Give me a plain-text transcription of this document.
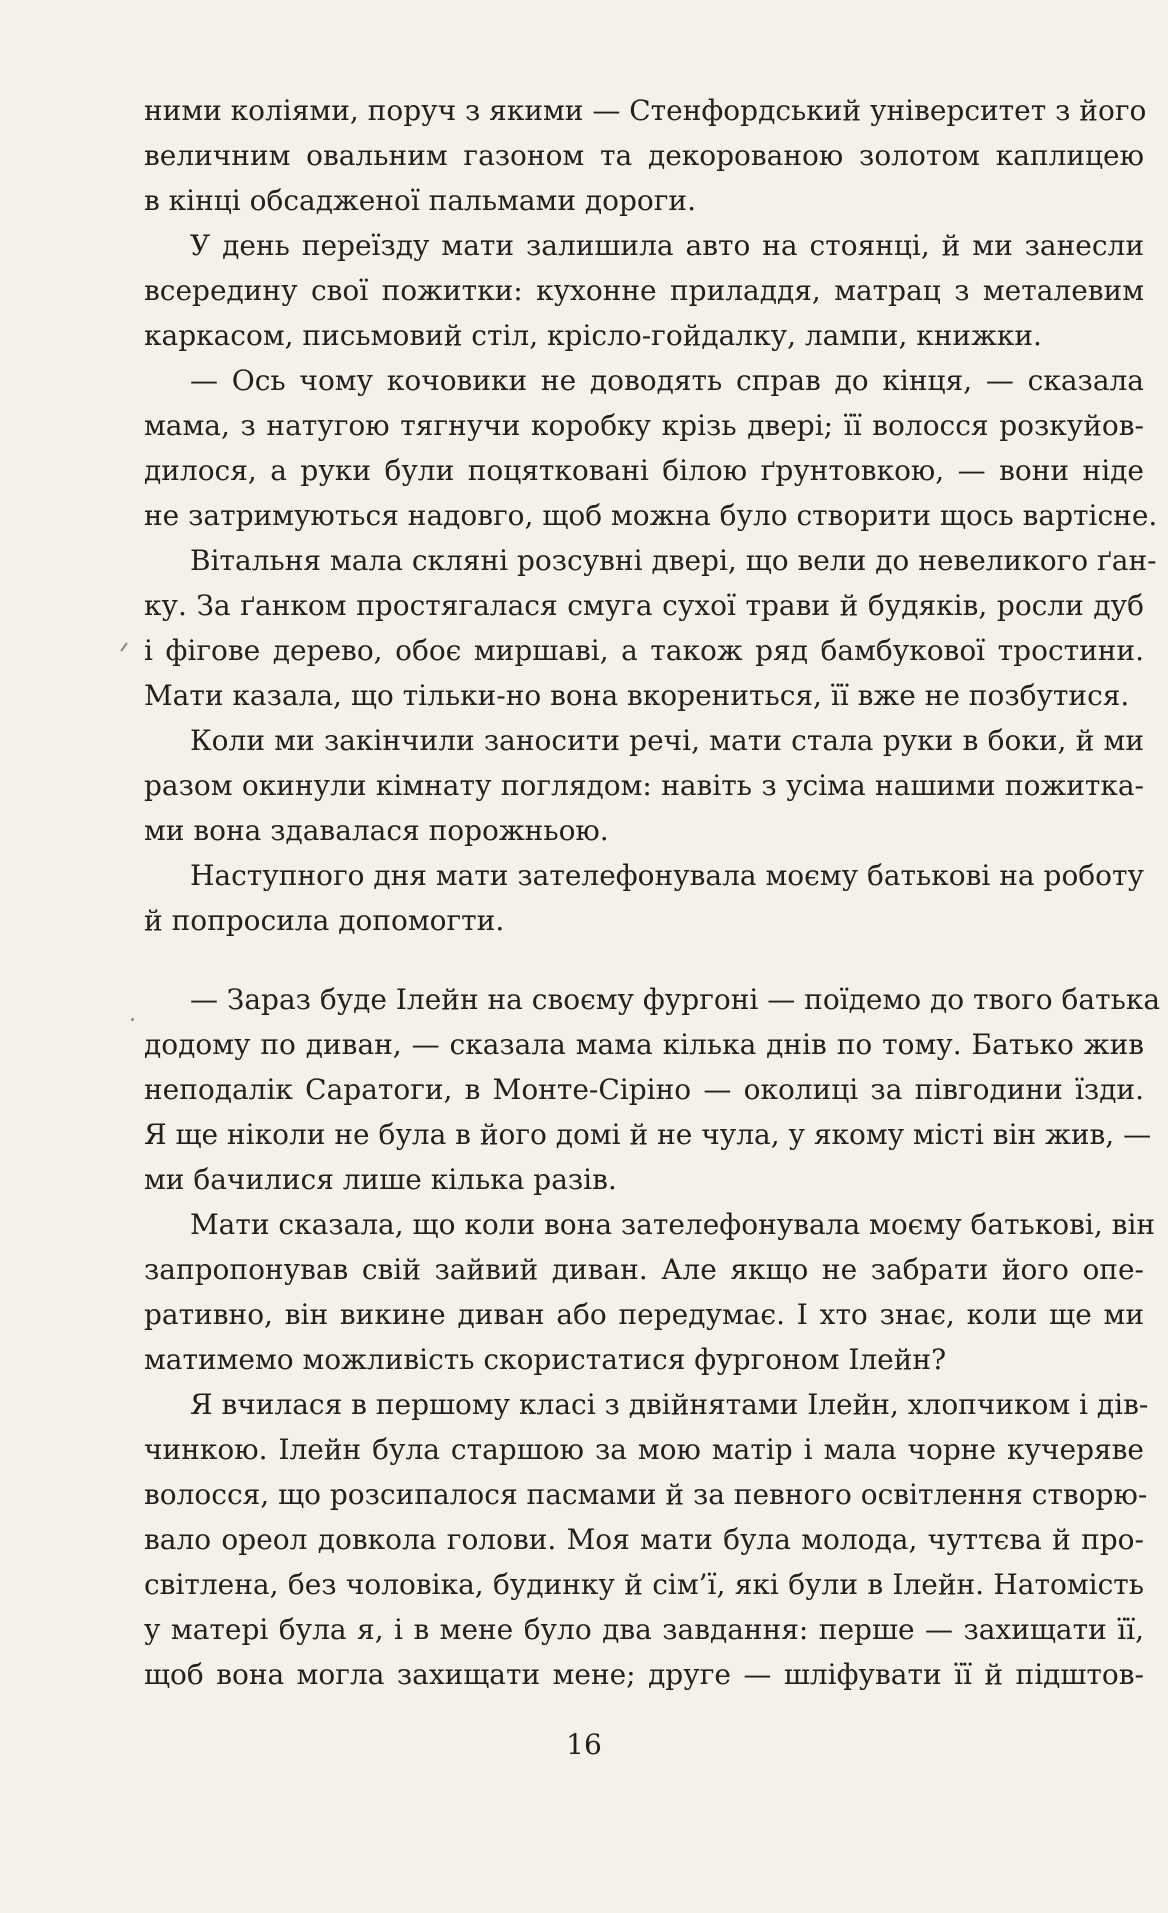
ними коліями, поруч з якими — Стенфордський університет з його
величним овальним газоном та декорованою золотом каплицею
в кінці обсадженої пальмами дороги.
У день переїзду мати залишила авто на стоянці, й ми занесли
всередину свої пожитки: кухонне приладдя, матрац з металевим
каркасом, письмовий стіл, крісло-гойдалку, лампи, книжки.
— Ось чому кочовики не доводять справ до кінця, — сказала
мама, з натугою тягнучи коробку крізь двері; її волосся розкуйов-
дилося, а руки були поцятковані білою ґрунтовкою, — вони ніде
не затримуються надовго, щоб можна було створити щось вартісне.
Вітальня мала скляні розсувні двері, що вели до невеликого ґан-
ку. За ґанком простягалася смуга сухої трави й будяків, росли дуб
і фігове дерево, обоє миршаві, а також ряд бамбукової тростини.
Мати казала, що тільки-но вона вкорениться, її вже не позбутися.
Коли ми закінчили заносити речі, мати стала руки в боки, й ми
разом окинули кімнату поглядом: навіть з усіма нашими пожитка-
ми вона здавалася порожньою.
Наступного дня мати зателефонувала моєму батькові на роботу
й попросила допомогти.
— Зараз буде Ілейн на своєму фургоні — поїдемо до твого батька
додому по диван, — сказала мама кілька днів по тому. Батько жив
неподалік Саратоги, в Монте-Сіріно — околиці за півгодини їзди.
Я ще ніколи не була в його домі й не чула, у якому місті він жив, —
ми бачилися лише кілька разів.
Мати сказала, що коли вона зателефонувала моєму батькові, він
запропонував свій зайвий диван. Але якщо не забрати його опе-
ративно, він викине диван або передумає. І хто знає, коли ще ми
матимемо можливість скористатися фургоном Ілейн?
Я вчилася в першому класі з двійнятами Ілейн, хлопчиком і дів-
чинкою. Ілейн була старшою за мою матір і мала чорне кучеряве
волосся, що розсипалося пасмами й за певного освітлення створю-
вало ореол довкола голови. Моя мати була молода, чуттєва й про-
світлена, без чоловіка, будинку й сім’ї, які були в Ілейн. Натомість
у матері була я, і в мене було два завдання: перше — захищати її,
щоб вона могла захищати мене; друге — шліфувати її й підштов-
16
